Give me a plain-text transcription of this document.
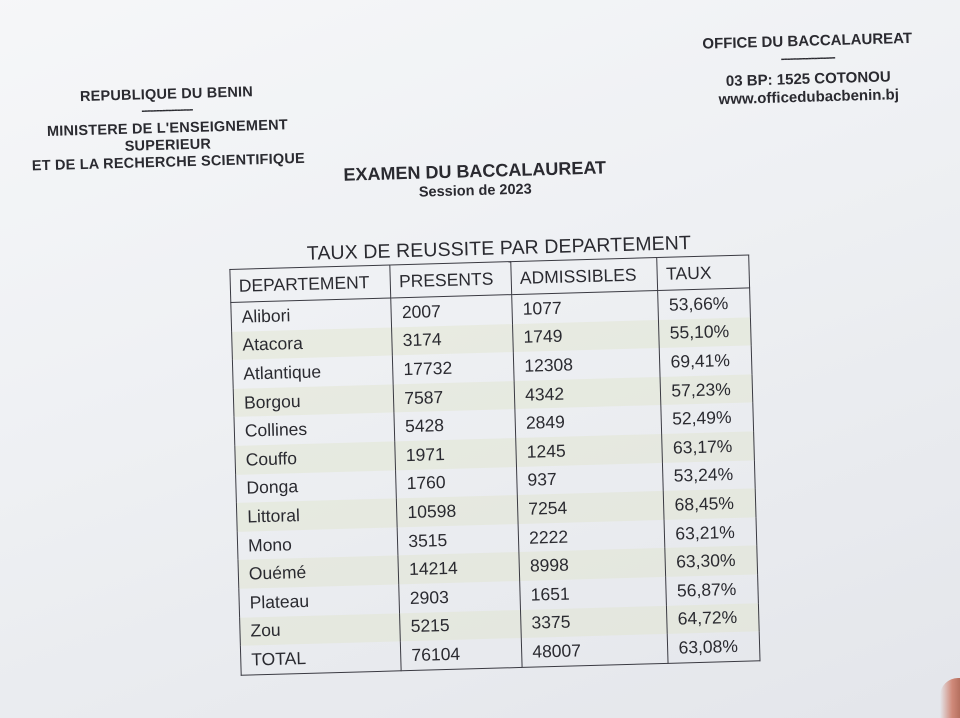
REPUBLIQUE DU BENIN
-----------------
MINISTERE DE L'ENSEIGNEMENT
SUPERIEUR
ET DE LA RECHERCHE SCIENTIFIQUE
OFFICE DU BACCALAUREAT
------------------
03 BP: 1525 COTONOU
www.officedubacbenin.bj
EXAMEN DU BACCALAUREAT
Session de 2023
TAUX DE REUSSITE PAR DEPARTEMENT
DEPARTEMENT	PRESENTS	ADMISSIBLES	TAUX
Alibori	2007	1077	53,66%
Atacora	3174	1749	55,10%
Atlantique	17732	12308	69,41%
Borgou	7587	4342	57,23%
Collines	5428	2849	52,49%
Couffo	1971	1245	63,17%
Donga	1760	937	53,24%
Littoral	10598	7254	68,45%
Mono	3515	2222	63,21%
Ouémé	14214	8998	63,30%
Plateau	2903	1651	56,87%
Zou	5215	3375	64,72%
TOTAL	76104	48007	63,08%
